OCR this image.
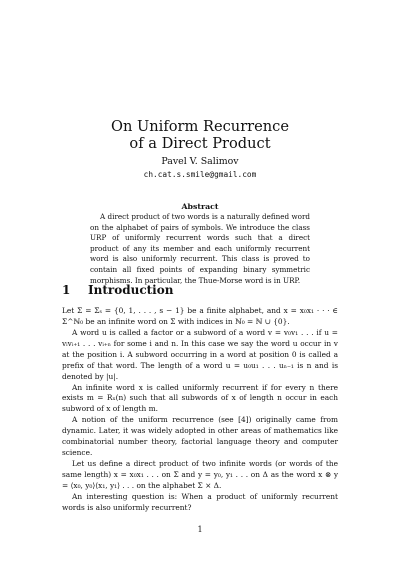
On Uniform Recurrence
of a Direct Product
Pavel V. Salimov
ch.cat.s.smile@gmail.com
Abstract

A direct product of two words is a naturally defined word on the alphabet of pairs of symbols. We introduce the class URP of uniformly recurrent words such that a direct product of any its member and each uniformly recurrent word is also uniformly recurrent. This class is proved to contain all fixed points of expanding binary symmetric morphisms. In particular, the Thue-Morse word is in URP.

1 Introduction

Let Σ = Σₛ = {0, 1, . . . , s − 1} be a finite alphabet, and x = x₀x₁ · · · ∈ Σ^ℕ₀ be an infinite word on Σ with indices in ℕ₀ = ℕ ∪ {0}.

A word u is called a factor or a subword of a word v = v₀v₁ . . . if u = vᵢvᵢ₊₁ . . . vᵢ₊ₙ for some i and n. In this case we say the word u occur in v at the position i. A subword occurring in a word at position 0 is called a prefix of that word. The length of a word u = u₀u₁ . . . uₙ₋₁ is n and is denoted by |u|.

An infinite word x is called uniformly recurrent if for every n there exists m = Rₓ(n) such that all subwords of x of length n occur in each subword of x of length m.

A notion of the uniform recurrence (see [4]) originally came from dynamic. Later, it was widely adopted in other areas of mathematics like combinatorial number theory, factorial language theory and computer science.

Let us define a direct product of two infinite words (or words of the same length) x = x₀x₁ . . . on Σ and y = y₀, y₁ . . . on Δ as the word x ⊗ y = ⟨x₀, y₀⟩⟨x₁, y₁⟩ . . . on the alphabet Σ × Δ.

An interesting question is: When a product of uniformly recurrent words is also uniformly recurrent?

1
